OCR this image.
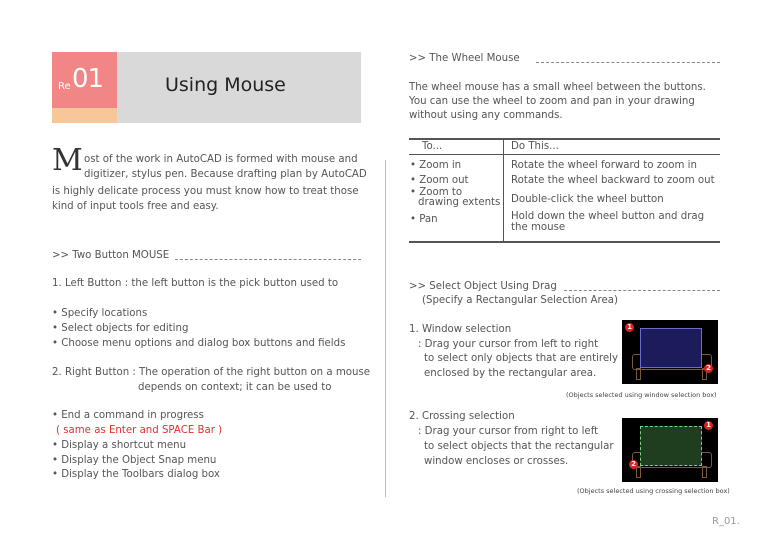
Re 01	Using Mouse
M ost of the work in AutoCAD is formed with mouse and
digitizer, stylus pen. Because drafting plan by AutoCAD
is highly delicate process you must know how to treat those
kind of input tools free and easy.
>> Two Button MOUSE
1. Left Button : the left button is the pick button used to
• Specify locations
• Select objects for editing
• Choose menu options and dialog box buttons and fields
2. Right Button : The operation of the right button on a mouse
depends on context; it can be used to
• End a command in progress
( same as Enter and SPACE Bar )
• Display a shortcut menu
• Display the Object Snap menu
• Display the Toolbars dialog box
>> The Wheel Mouse
The wheel mouse has a small wheel between the buttons.
You can use the wheel to zoom and pan in your drawing
without using any commands.
To...	Do This...
• Zoom in	Rotate the wheel forward to zoom in
• Zoom out	Rotate the wheel backward to zoom out
• Zoom to
drawing extents Double-click the wheel button
• Pan	Hold down the wheel button and drag
the mouse
>> Select Object Using Drag
(Specify a Rectangular Selection Area)
1. Window selection
: Drag your cursor from left to right
to select only objects that are entirely
enclosed by the rectangular area.
1
2
(Objects selected using window selection box)
2. Crossing selection
: Drag your cursor from right to left
to select objects that the rectangular
window encloses or crosses.
1
2
(Objects selected using crossing selection box)
R_01.
